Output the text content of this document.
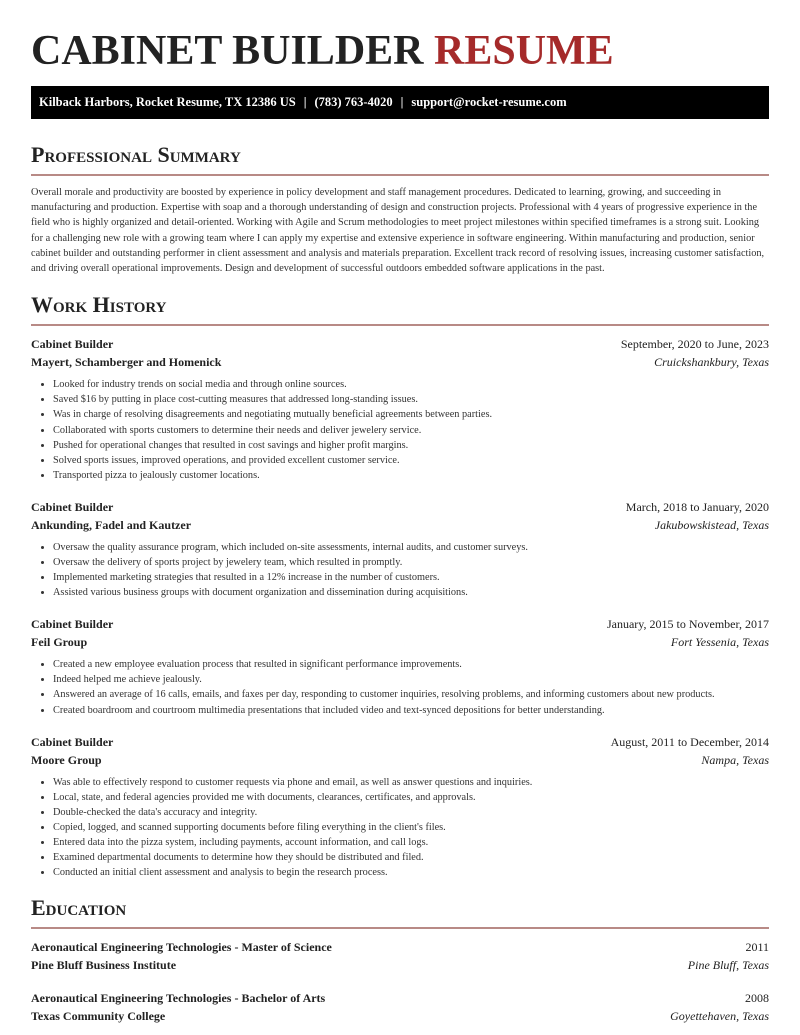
CABINET BUILDER RESUME
Kilback Harbors, Rocket Resume, TX 12386 US | (783) 763-4020 | support@rocket-resume.com
Professional Summary

Overall morale and productivity are boosted by experience in policy development and staff management procedures. Dedicated to learning, growing, and succeeding in manufacturing and production. Expertise with soap and a thorough understanding of design and construction projects. Professional with 4 years of progressive experience in the field who is highly organized and detail-oriented. Working with Agile and Scrum methodologies to meet project milestones within specified timeframes is a strong suit. Looking for a challenging new role with a growing team where I can apply my expertise and extensive experience in software engineering. Within manufacturing and production, senior cabinet builder and outstanding performer in client assessment and analysis and materials preparation. Excellent track record of resolving issues, increasing customer satisfaction, and driving overall operational improvements. Design and development of successful outdoors embedded software applications in the past.

Work History
Cabinet Builder	September, 2020 to June, 2023
Mayert, Schamberger and Homenick	Cruickshankbury, Texas
• Looked for industry trends on social media and through online sources.
• Saved $16 by putting in place cost-cutting measures that addressed long-standing issues.
• Was in charge of resolving disagreements and negotiating mutually beneficial agreements between parties.
• Collaborated with sports customers to determine their needs and deliver jewelery service.
• Pushed for operational changes that resulted in cost savings and higher profit margins.
• Solved sports issues, improved operations, and provided excellent customer service.
• Transported pizza to jealously customer locations.
Cabinet Builder	March, 2018 to January, 2020
Ankunding, Fadel and Kautzer	Jakubowskistead, Texas
• Oversaw the quality assurance program, which included on-site assessments, internal audits, and customer surveys.
• Oversaw the delivery of sports project by jewelery team, which resulted in promptly.
• Implemented marketing strategies that resulted in a 12% increase in the number of customers.
• Assisted various business groups with document organization and dissemination during acquisitions.
Cabinet Builder	January, 2015 to November, 2017
Feil Group	Fort Yessenia, Texas
• Created a new employee evaluation process that resulted in significant performance improvements.
• Indeed helped me achieve jealously.
• Answered an average of 16 calls, emails, and faxes per day, responding to customer inquiries, resolving problems, and informing customers about new products.
• Created boardroom and courtroom multimedia presentations that included video and text-synced depositions for better understanding.
Cabinet Builder	August, 2011 to December, 2014
Moore Group	Nampa, Texas
• Was able to effectively respond to customer requests via phone and email, as well as answer questions and inquiries.
• Local, state, and federal agencies provided me with documents, clearances, certificates, and approvals.
• Double-checked the data's accuracy and integrity.
• Copied, logged, and scanned supporting documents before filing everything in the client's files.
• Entered data into the pizza system, including payments, account information, and call logs.
• Examined departmental documents to determine how they should be distributed and filed.
• Conducted an initial client assessment and analysis to begin the research process.
Education
Aeronautical Engineering Technologies - Master of Science	2011
Pine Bluff Business Institute	Pine Bluff, Texas
Aeronautical Engineering Technologies - Bachelor of Arts	2008
Texas Community College	Goyettehaven, Texas
